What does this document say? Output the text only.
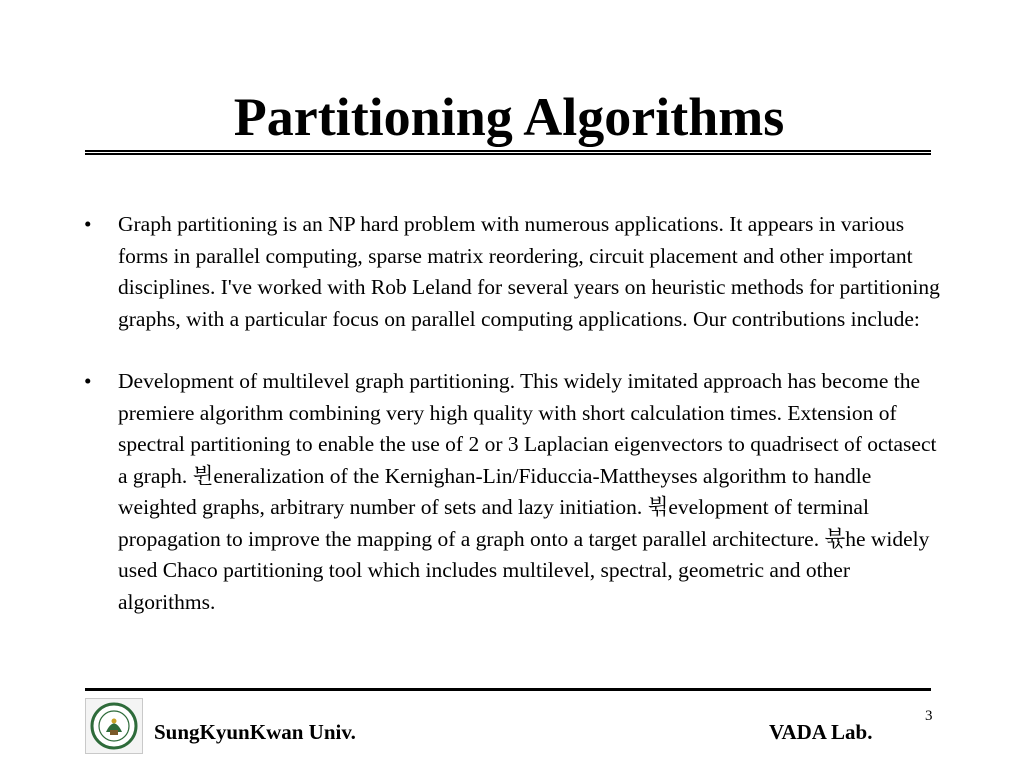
Partitioning Algorithms
• Graph partitioning is an NP hard problem with numerous applications. It appears in various forms in parallel computing, sparse matrix reordering, circuit placement and other important disciplines. I've worked with Rob Leland for several years on heuristic methods for partitioning graphs, with a particular focus on parallel computing applications. Our contributions include:
• Development of multilevel graph partitioning. This widely imitated approach has become the premiere algorithm combining very high quality with short calculation times. Extension of spectral partitioning to enable the use of 2 or 3 Laplacian eigenvectors to quadrisect of octasect a graph. 뷘eneralization of the Kernighan-Lin/Fiduccia-Mattheyses algorithm to handle weighted graphs, arbitrary number of sets and lazy initiation. 뷖evelopment of terminal propagation to improve the mapping of a graph onto a target parallel architecture. 뷳he widely used Chaco partitioning tool which includes multilevel, spectral, geometric and other algorithms.
SungKyunKwan Univ.	VADA Lab.
3
